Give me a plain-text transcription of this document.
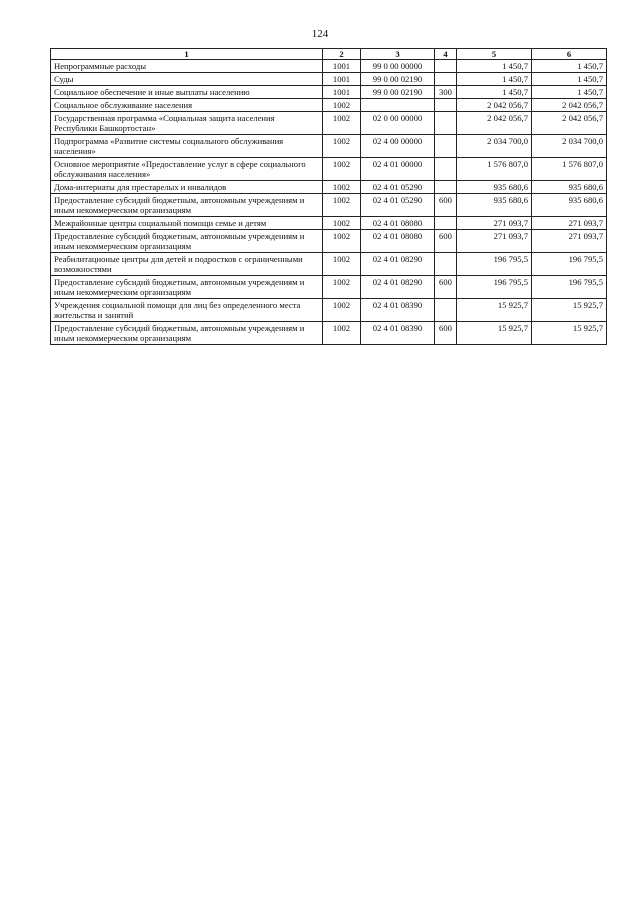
124
1	2	3	4	5	6
Непрограммные расходы	1001	99 0 00 00000		1 450,7	1 450,7
Суды	1001	99 0 00 02190		1 450,7	1 450,7
Социальное обеспечение и иные выплаты населению	1001	99 0 00 02190	300	1 450,7	1 450,7
Социальное обслуживание населения	1002			2 042 056,7	2 042 056,7
Государственная программа «Социальная защита населения Республики Башкортостан»	1002	02 0 00 00000		2 042 056,7	2 042 056,7
Подпрограмма «Развитие системы социального обслуживания населения»	1002	02 4 00 00000		2 034 700,0	2 034 700,0
Основное мероприятие «Предоставление услуг в сфере социального обслуживания населения»	1002	02 4 01 00000		1 576 807,0	1 576 807,0
Дома-интернаты для престарелых и инвалидов	1002	02 4 01 05290		935 680,6	935 680,6
Предоставление субсидий бюджетным, автономным учреждениям и иным некоммерческим организациям	1002	02 4 01 05290	600	935 680,6	935 680,6
Межрайонные центры социальной помощи семье и детям	1002	02 4 01 08080		271 093,7	271 093,7
Предоставление субсидий бюджетным, автономным учреждениям и иным некоммерческим организациям	1002	02 4 01 08080	600	271 093,7	271 093,7
Реабилитационые центры для детей и подростков с ограниченными возможностями	1002	02 4 01 08290		196 795,5	196 795,5
Предоставление субсидий бюджетным, автономным учреждениям и иным некоммерческим организациям	1002	02 4 01 08290	600	196 795,5	196 795,5
Учреждения социальной помощи для лиц без определенного места жительства и занятий	1002	02 4 01 08390		15 925,7	15 925,7
Предоставление субсидий бюджетным, автономным учреждениям и иным некоммерческим организациям	1002	02 4 01 08390	600	15 925,7	15 925,7
